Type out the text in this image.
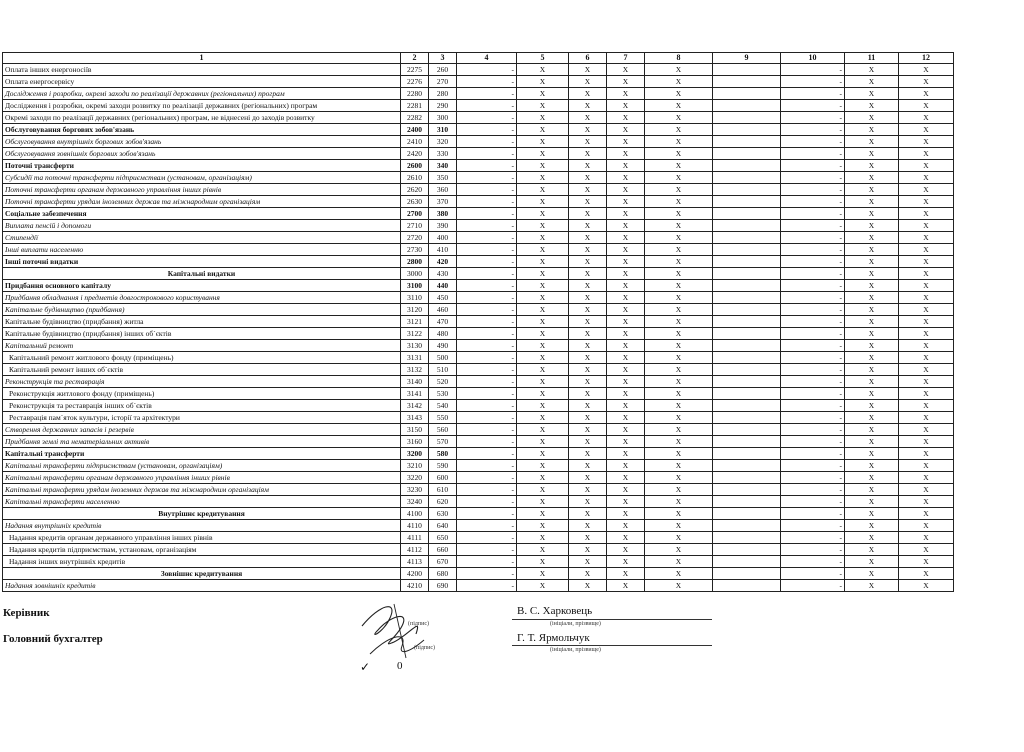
1	2	3	4	5	6	7	8	9	10	11	12
Оплата інших енергоносіїв	2275	260	-	X	X	X	X		-	X	X
Оплата енергосервісу	2276	270	-	X	X	X	X		-	X	X
Дослідження і розробки, окремі заходи по реалізації державних (регіональних) програм	2280	280	-	X	X	X	X		-	X	X
Дослідження і розробки, окремі заходи розвитку по реалізації державних (регіональних) програм	2281	290	-	X	X	X	X		-	X	X
Окремі заходи по реалізації державних (регіональних) програм, не віднесені до заходів розвитку	2282	300	-	X	X	X	X		-	X	X
Обслуговування боргових зобов'язань	2400	310	-	X	X	X	X		-	X	X
Обслуговування внутрішніх боргових зобов'язань	2410	320	-	X	X	X	X		-	X	X
Обслуговування зовнішніх боргових зобов'язань	2420	330	-	X	X	X	X		-	X	X
Поточні трансферти	2600	340	-	X	X	X	X		-	X	X
Субсидії та поточні трансферти підприємствам (установам, організаціям)	2610	350	-	X	X	X	X		-	X	X
Поточні трансферти органам державного управління інших рівнів	2620	360	-	X	X	X	X		-	X	X
Поточні трансферти урядам іноземних держав та міжнародним організаціям	2630	370	-	X	X	X	X		-	X	X
Соціальне забезпечення	2700	380	-	X	X	X	X		-	X	X
Виплата пенсій і допомоги	2710	390	-	X	X	X	X		-	X	X
Стипендії	2720	400	-	X	X	X	X		-	X	X
Інші виплати населенню	2730	410	-	X	X	X	X		-	X	X
Інші поточні видатки	2800	420	-	X	X	X	X		-	X	X
Капітальні видатки	3000	430	-	X	X	X	X		-	X	X
Придбання основного капіталу	3100	440	-	X	X	X	X		-	X	X
Придбання обладнання і предметів довгострокового користування	3110	450	-	X	X	X	X		-	X	X
Капітальне будівництво (придбання)	3120	460	-	X	X	X	X		-	X	X
Капітальне будівництво (придбання) житла	3121	470	-	X	X	X	X		-	X	X
Капітальне будівництво (придбання) інших об`єктів	3122	480	-	X	X	X	X		-	X	X
Капітальний ремонт	3130	490	-	X	X	X	X		-	X	X
Капітальний ремонт житлового фонду (приміщень)	3131	500	-	X	X	X	X		-	X	X
Капітальний ремонт інших об`єктів	3132	510	-	X	X	X	X		-	X	X
Реконструкція та реставрація	3140	520	-	X	X	X	X		-	X	X
Реконструкція житлового фонду (приміщень)	3141	530	-	X	X	X	X		-	X	X
Реконструкція та реставрація інших об`єктів	3142	540	-	X	X	X	X		-	X	X
Реставрація пам`яток культури, історії та архітектури	3143	550	-	X	X	X	X		-	X	X
Створення державних запасів і резервів	3150	560	-	X	X	X	X		-	X	X
Придбання землі та нематеріальних активів	3160	570	-	X	X	X	X		-	X	X
Капітальні трансферти	3200	580	-	X	X	X	X		-	X	X
Капітальні трансферти підприємствам (установам, організаціям)	3210	590	-	X	X	X	X		-	X	X
Капітальні трансферти органам державного управління інших рівнів	3220	600	-	X	X	X	X		-	X	X
Капітальні трансферти урядам іноземних держав та міжнародним організаціям	3230	610	-	X	X	X	X		-	X	X
Капітальні трансферти населенню	3240	620	-	X	X	X	X		-	X	X
Внутрішнє кредитування	4100	630	-	X	X	X	X		-	X	X
Надання внутрішніх кредитів	4110	640	-	X	X	X	X		-	X	X
Надання кредитів органам державного управління інших рівнів	4111	650	-	X	X	X	X		-	X	X
Надання кредитів підприємствам, установам, організаціям	4112	660	-	X	X	X	X		-	X	X
Надання інших внутрішніх кредитів	4113	670	-	X	X	X	X		-	X	X
Зовнішнє кредитування	4200	680	-	X	X	X	X		-	X	X
Надання зовнішніх кредитів	4210	690	-	X	X	X	X		-	X	X
Керівник
Головний бухгалтер
(підпис)
(підпис)
В. С. Харковець
(ініціали, прізвище)
Г. Т. Ярмольчук
(ініціали, прізвище)
✓ 0
